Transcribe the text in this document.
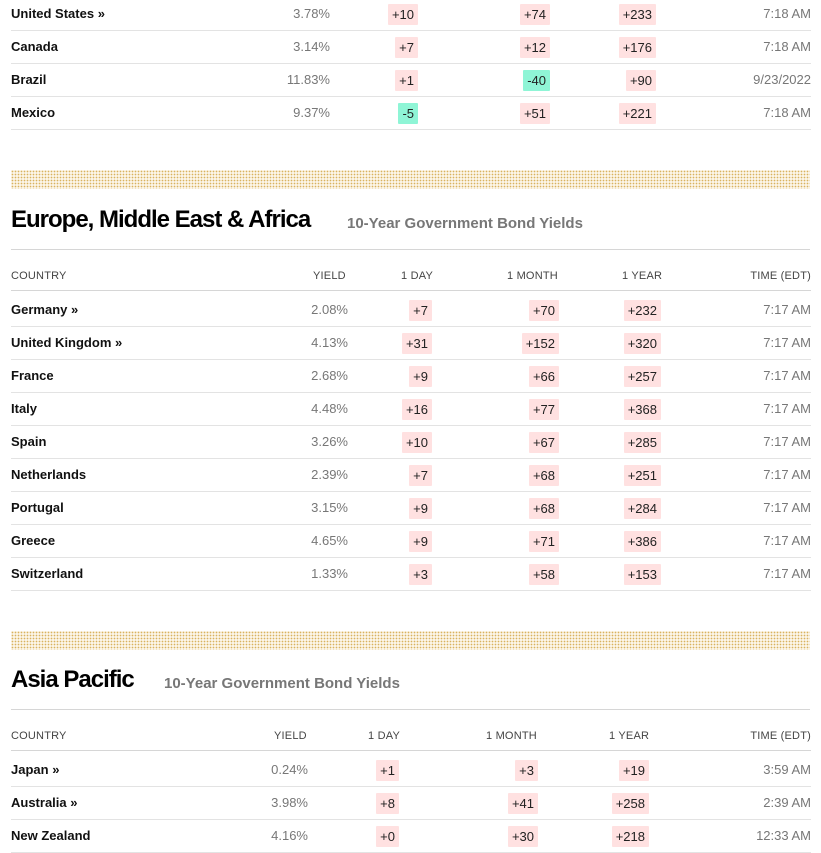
United States »	3.78%	+10	+74	+233	7:18 AM
Canada	3.14%	+7	+12	+176	7:18 AM
Brazil	11.83%	+1	-40	+90	9/23/2022
Mexico	9.37%	-5	+51	+221	7:18 AM
Europe, Middle East & Africa 10-Year Government Bond Yields
COUNTRY	YIELD	1 DAY	1 MONTH	1 YEAR	TIME (EDT)
Germany »	2.08%	+7	+70	+232	7:17 AM
United Kingdom »	4.13%	+31	+152	+320	7:17 AM
France	2.68%	+9	+66	+257	7:17 AM
Italy	4.48%	+16	+77	+368	7:17 AM
Spain	3.26%	+10	+67	+285	7:17 AM
Netherlands	2.39%	+7	+68	+251	7:17 AM
Portugal	3.15%	+9	+68	+284	7:17 AM
Greece	4.65%	+9	+71	+386	7:17 AM
Switzerland	1.33%	+3	+58	+153	7:17 AM
Asia Pacific 10-Year Government Bond Yields
COUNTRY	YIELD	1 DAY	1 MONTH	1 YEAR	TIME (EDT)
Japan »	0.24%	+1	+3	+19	3:59 AM
Australia »	3.98%	+8	+41	+258	2:39 AM
New Zealand	4.16%	+0	+30	+218	12:33 AM
